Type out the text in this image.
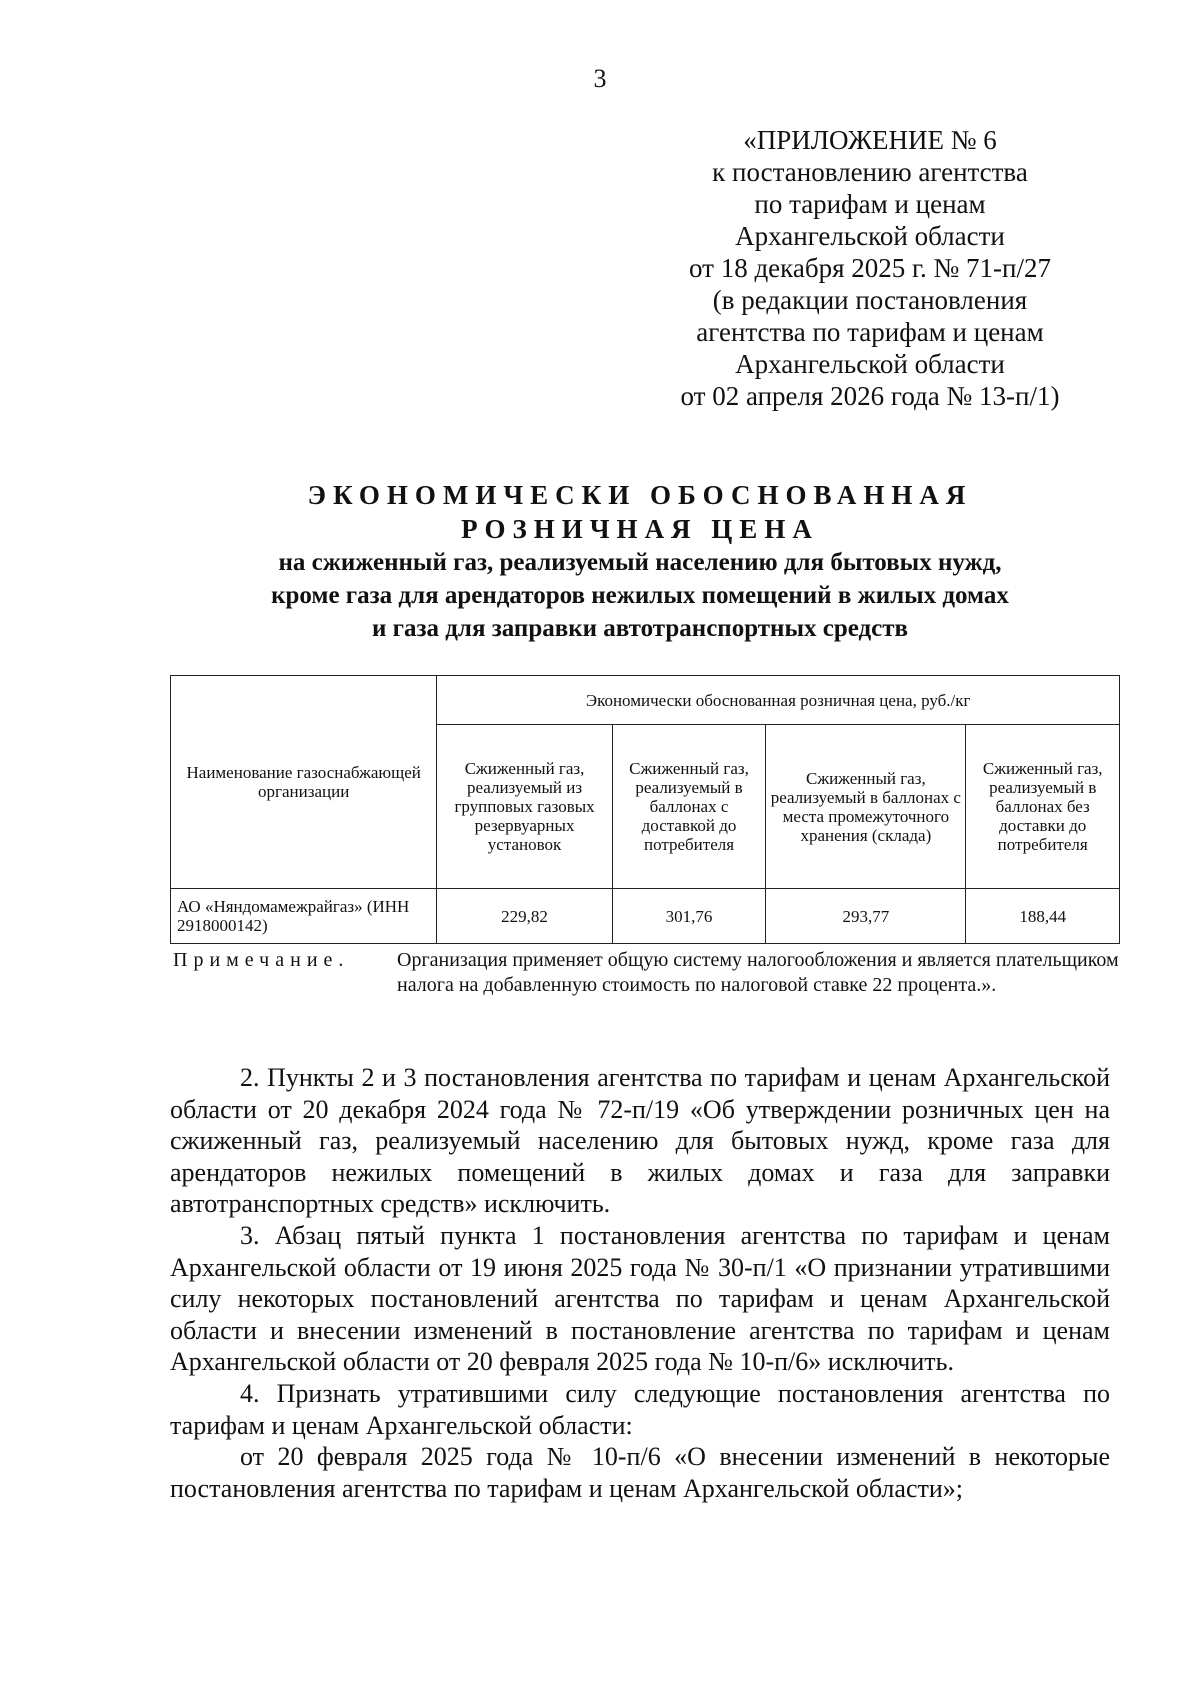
3
«ПРИЛОЖЕНИЕ № 6
к постановлению агентства
по тарифам и ценам
Архангельской области
от 18 декабря 2025 г. № 71-п/27
(в редакции постановления
агентства по тарифам и ценам
Архангельской области
от 02 апреля 2026 года № 13-п/1)
ЭКОНОМИЧЕСКИ ОБОСНОВАННАЯ
РОЗНИЧНАЯ ЦЕНА
на сжиженный газ, реализуемый населению для бытовых нужд,
кроме газа для арендаторов нежилых помещений в жилых домах
и газа для заправки автотранспортных средств
Наименование газоснабжающей организации	Экономически обоснованная розничная цена, руб./кг			
	Сжиженный газ, реализуемый из групповых газовых резервуарных установок	Сжиженный газ, реализуемый в баллонах с доставкой до потребителя	Сжиженный газ, реализуемый в баллонах с места промежуточного хранения (склада)	Сжиженный газ, реализуемый в баллонах без доставки до потребителя
АО «Няндомамежрайгаз» (ИНН 2918000142)	229,82	301,76	293,77	188,44
Примечание. Организация применяет общую систему налогообложения и является плательщиком налога на добавленную стоимость по налоговой ставке 22 процента.».

2. Пункты 2 и 3 постановления агентства по тарифам и ценам Архангельской области от 20 декабря 2024 года № 72-п/19 «Об утверждении розничных цен на сжиженный газ, реализуемый населению для бытовых нужд, кроме газа для арендаторов нежилых помещений в жилых домах и газа для заправки автотранспортных средств» исключить.

3. Абзац пятый пункта 1 постановления агентства по тарифам и ценам Архангельской области от 19 июня 2025 года № 30-п/1 «О признании утратившими силу некоторых постановлений агентства по тарифам и ценам Архангельской области и внесении изменений в постановление агентства по тарифам и ценам Архангельской области от 20 февраля 2025 года № 10-п/6» исключить.

4. Признать утратившими силу следующие постановления агентства по тарифам и ценам Архангельской области:

от 20 февраля 2025 года № 10-п/6 «О внесении изменений в некоторые постановления агентства по тарифам и ценам Архангельской области»;
